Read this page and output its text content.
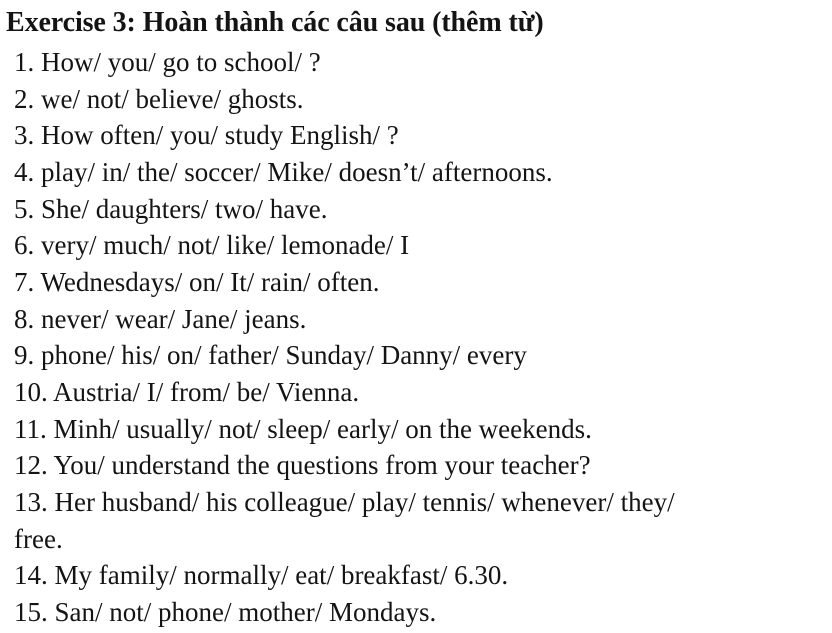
Exercise 3: Hoàn thành các câu sau (thêm từ)
1. How/ you/ go to school/ ?
2. we/ not/ believe/ ghosts.
3. How often/ you/ study English/ ?
4. play/ in/ the/ soccer/ Mike/ doesn’t/ afternoons.
5. She/ daughters/ two/ have.
6. very/ much/ not/ like/ lemonade/ I
7. Wednesdays/ on/ It/ rain/ often.
8. never/ wear/ Jane/ jeans.
9. phone/ his/ on/ father/ Sunday/ Danny/ every
10. Austria/ I/ from/ be/ Vienna.
11. Minh/ usually/ not/ sleep/ early/ on the weekends.
12. You/ understand the questions from your teacher?
13. Her husband/ his colleague/ play/ tennis/ whenever/ they/
free.
14. My family/ normally/ eat/ breakfast/ 6.30.
15. San/ not/ phone/ mother/ Mondays.
